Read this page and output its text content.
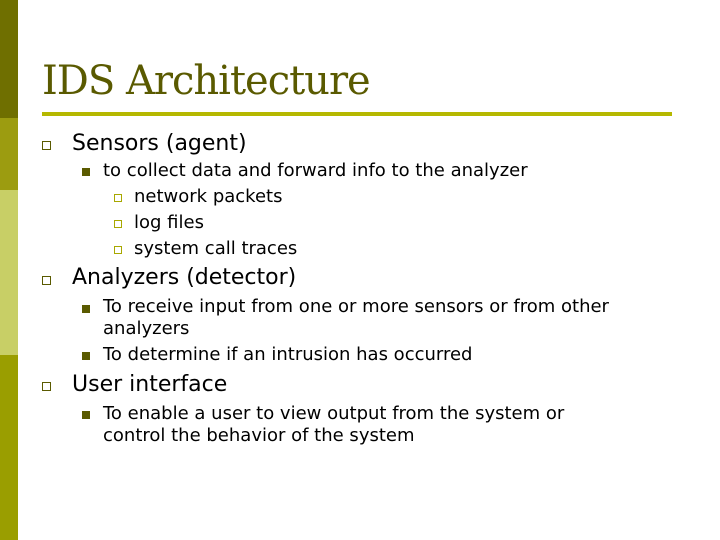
IDS Architecture
Sensors (agent)
to collect data and forward info to the analyzer
network packets
log files
system call traces
Analyzers (detector)
To receive input from one or more sensors or from other
analyzers
To determine if an intrusion has occurred
User interface
To enable a user to view output from the system or
control the behavior of the system
